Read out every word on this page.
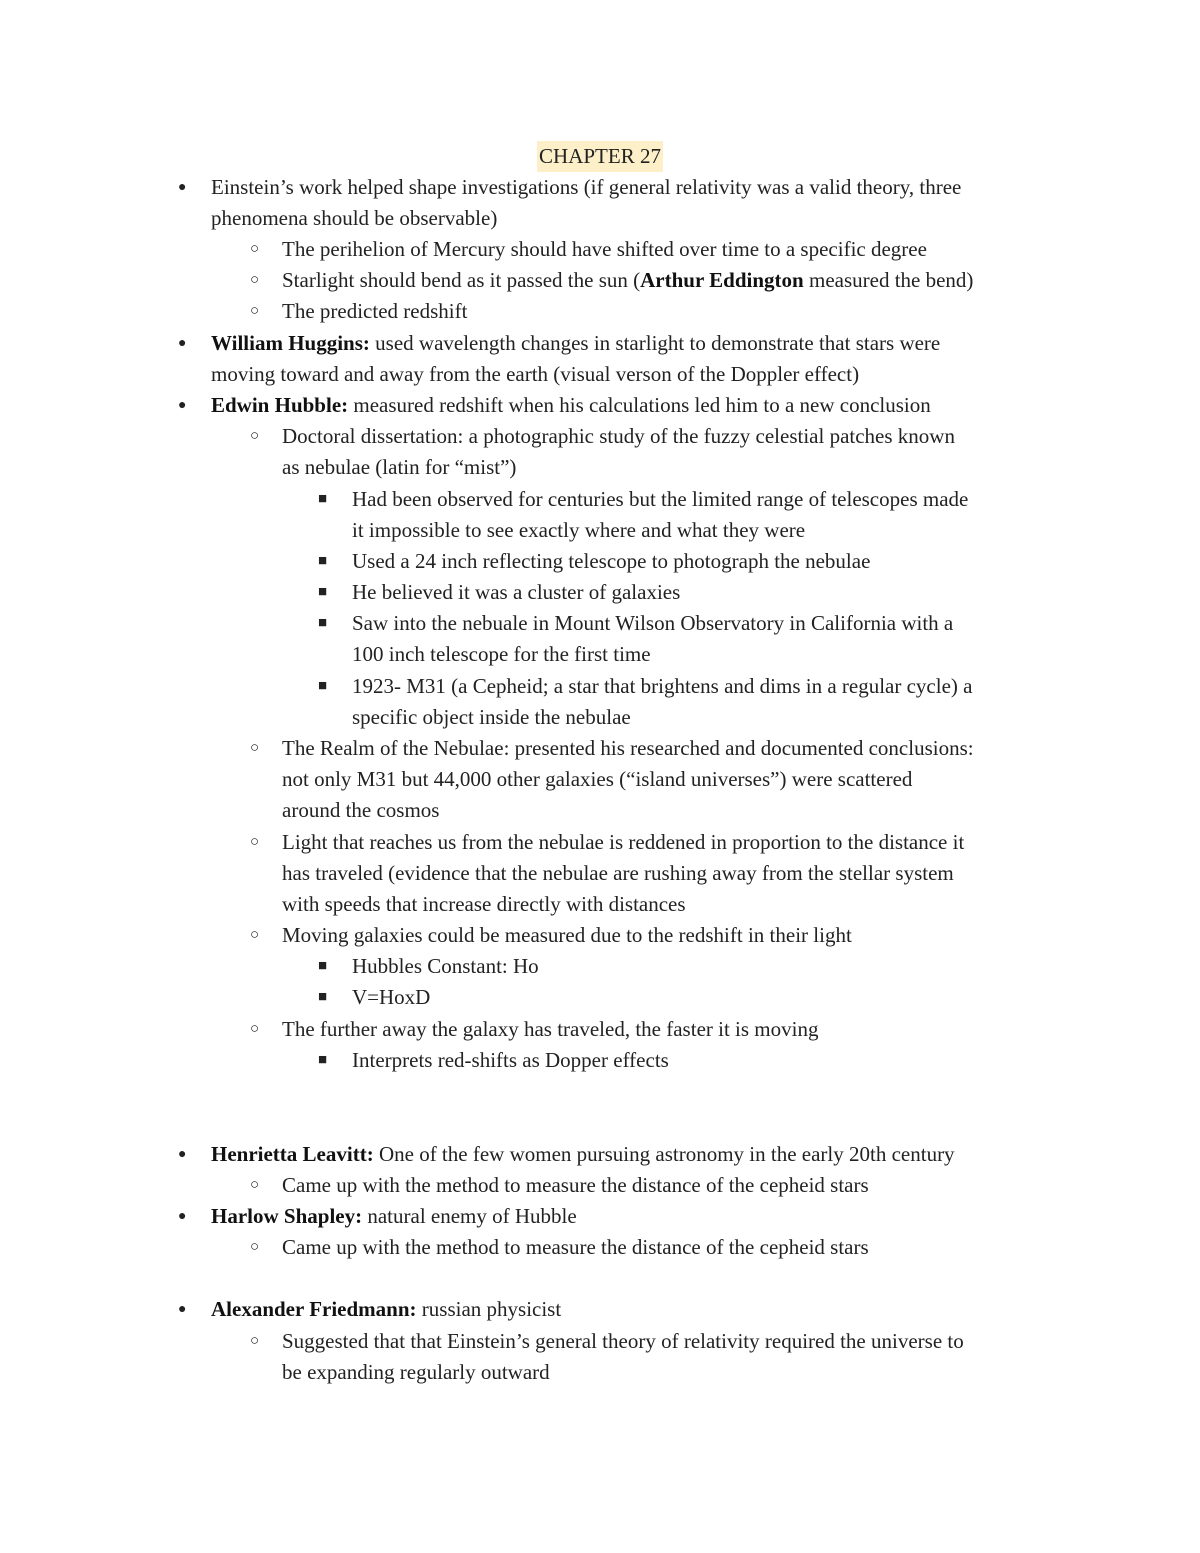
CHAPTER 27
● Einstein’s work helped shape investigations (if general relativity was a valid theory, three
phenomena should be observable)
○ The perihelion of Mercury should have shifted over time to a specific degree
○ Starlight should bend as it passed the sun (Arthur Eddington measured the bend)
○ The predicted redshift
● William Huggins: used wavelength changes in starlight to demonstrate that stars were
moving toward and away from the earth (visual verson of the Doppler effect)
● Edwin Hubble: measured redshift when his calculations led him to a new conclusion
○ Doctoral dissertation: a photographic study of the fuzzy celestial patches known
as nebulae (latin for “mist”)
■ Had been observed for centuries but the limited range of telescopes made
it impossible to see exactly where and what they were
■ Used a 24 inch reflecting telescope to photograph the nebulae
■ He believed it was a cluster of galaxies
■ Saw into the nebuale in Mount Wilson Observatory in California with a
100 inch telescope for the first time
■ 1923- M31 (a Cepheid; a star that brightens and dims in a regular cycle) a
specific object inside the nebulae
○ The Realm of the Nebulae: presented his researched and documented conclusions:
not only M31 but 44,000 other galaxies (“island universes”) were scattered
around the cosmos
○ Light that reaches us from the nebulae is reddened in proportion to the distance it
has traveled (evidence that the nebulae are rushing away from the stellar system
with speeds that increase directly with distances
○ Moving galaxies could be measured due to the redshift in their light
■ Hubbles Constant: Ho
■ V=HoxD
○ The further away the galaxy has traveled, the faster it is moving
■ Interprets red-shifts as Dopper effects
● Henrietta Leavitt: One of the few women pursuing astronomy in the early 20th century
○ Came up with the method to measure the distance of the cepheid stars
● Harlow Shapley: natural enemy of Hubble
○ Came up with the method to measure the distance of the cepheid stars
● Alexander Friedmann: russian physicist
○ Suggested that that Einstein’s general theory of relativity required the universe to
be expanding regularly outward
